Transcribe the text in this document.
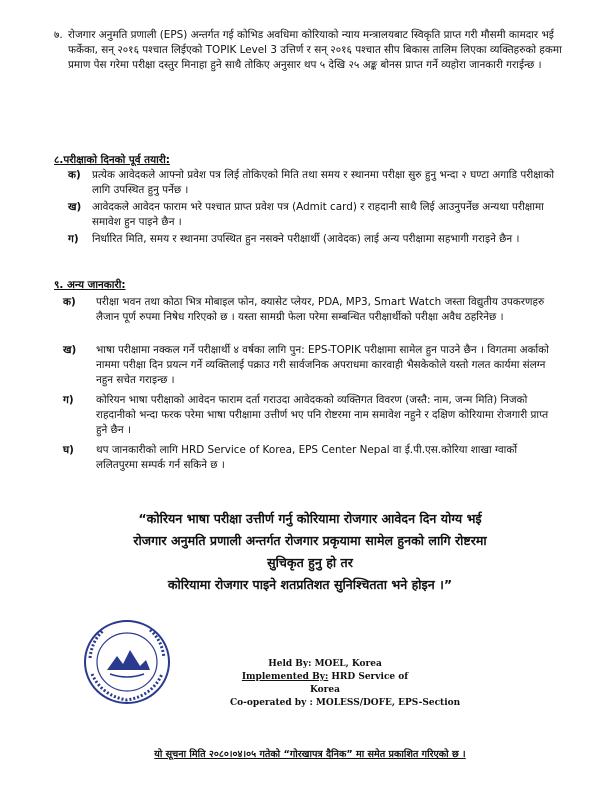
७. रोजगार अनुमति प्रणाली (EPS) अन्तर्गत गई कोभिड अवधिमा कोरियाको न्याय मन्त्रालयबाट स्विकृति प्राप्त गरी मौसमी कामदार भई फर्केका, सन् २०१६ पश्चात लिईएको TOPIK Level 3 उत्तिर्ण र सन् २०१६ पश्चात सीप बिकास तालिम लिएका व्यक्तिहरुको हकमा प्रमाण पेस गरेमा परीक्षा दस्तुर मिनाहा हुने साथै तोकिए अनुसार थप ५ देखि २५ अङ्क बोनस प्राप्त गर्ने व्यहोरा जानकारी गराईन्छ ।
८.परीक्षाको दिनको पूर्व तयारी:
क) प्रत्येक आवेदकले आफ्नो प्रवेश पत्र लिई तोकिएको मिति तथा समय र स्थानमा परीक्षा सुरु हुनु भन्दा २ घण्टा अगाडि परीक्षाको लागि उपस्थित हुनु पर्नेछ ।
ख) आवेदकले आवेदन फाराम भरे पश्चात प्राप्त प्रवेश पत्र (Admit card) र राहदानी साथै लिई आउनुपर्नेछ अन्यथा परीक्षामा समावेश हुन पाइने छैन ।
ग) निर्धारित मिति, समय र स्थानमा उपस्थित हुन नसक्ने परीक्षार्थी (आवेदक) लाई अन्य परीक्षामा सहभागी गराइने छैन ।
९. अन्य जानकारी:
क) परीक्षा भवन तथा कोठा भित्र मोबाइल फोन, क्यासेट प्लेयर, PDA, MP3, Smart Watch जस्ता विद्युतीय उपकरणहरु लैजान पूर्ण रुपमा निषेध गरिएको छ । यस्ता सामग्री फेला परेमा सम्बन्धित परीक्षार्थीको परीक्षा अवैध ठहरिनेछ ।
ख) भाषा परीक्षामा नक्कल गर्ने परीक्षार्थी ४ वर्षका लागि पुन: EPS-TOPIK परीक्षामा सामेल हुन पाउने छैन । विगतमा अर्काको नाममा परीक्षा दिन प्रयत्न गर्ने व्यक्तिलाई पक्राउ गरी सार्वजनिक अपराधमा कारवाही भैसकेकोले यस्तो गलत कार्यमा संलग्न नहुन सचेत गराइन्छ ।
ग) कोरियन भाषा परीक्षाको आवेदन फाराम दर्ता गराउदा आवेदकको व्यक्तिगत विवरण (जस्तै: नाम, जन्म मिति) निजको राहदानीको भन्दा फरक परेमा भाषा परीक्षामा उत्तीर्ण भए पनि रोष्टरमा नाम समावेश नहुने र दक्षिण कोरियामा रोजगारी प्राप्त हुने छैन ।
घ) थप जानकारीको लागि HRD Service of Korea, EPS Center Nepal वा ई.पी.एस.कोरिया शाखा ग्वार्को ललितपुरमा सम्पर्क गर्न सकिने छ ।
“कोरियन भाषा परीक्षा उत्तीर्ण गर्नु कोरियामा रोजगार आवेदन दिन योग्य भई
रोजगार अनुमति प्रणाली अन्तर्गत रोजगार प्रकृयामा सामेल हुनको लागि रोष्टरमा
सुचिकृत हुनु हो तर
कोरियामा रोजगार पाइने शतप्रतिशत सुनिश्चितता भने होइन ।”
Held By: MOEL, Korea
Implemented By: HRD Service of Korea
Co-operated by : MOLESS/DOFE, EPS-Section
यो सूचना मिति २०८०।०४।०५ गतेको “गोरखापत्र दैनिक” मा समेत प्रकाशित गरिएको छ ।
